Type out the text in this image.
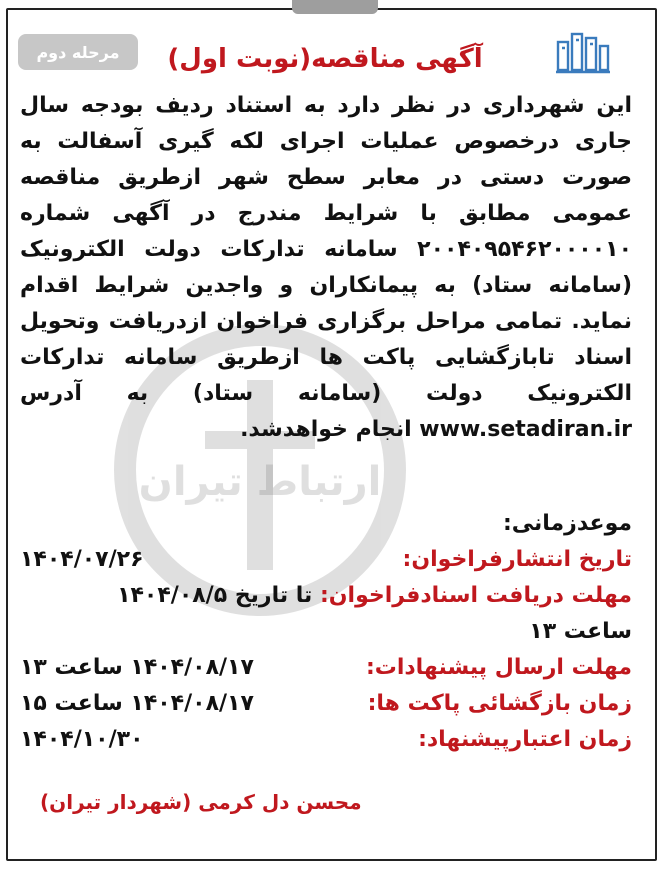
مرحله دوم	آگهی مناقصه(نوبت اول)
ارتباط تیران
این شهرداری در نظر دارد به استناد ردیف بودجه سال جاری درخصوص عملیات اجرای لکه گیری آسفالت به صورت دستی در معابر سطح شهر ازطریق مناقصه عمومی مطابق با شرایط مندرج در آگهی شماره ۲۰۰۴۰۹۵۴۶۲۰۰۰۰۱۰ سامانه تدارکات دولت الکترونیک (سامانه ستاد) به پیمانکاران و واجدین شرایط اقدام نماید. تمامی مراحل برگزاری فراخوان ازدریافت وتحویل اسناد تابازگشایی پاکت ها ازطریق سامانه تدارکات الکترونیک دولت (سامانه ستاد) به آدرس www.setadiran.ir انجام خواهدشد.
موعدزمانی:
تاریخ انتشارفراخوان:
۱۴۰۴/۰۷/۲۶
مهلت دریافت اسنادفراخوان: تا تاریخ ۱۴۰۴/۰۸/۵
ساعت ۱۳
مهلت ارسال پیشنهادات:
۱۴۰۴/۰۸/۱۷ ساعت ۱۳
زمان بازگشائی پاکت ها:
۱۴۰۴/۰۸/۱۷ ساعت ۱۵
زمان اعتبارپیشنهاد:
۱۴۰۴/۱۰/۳۰
محسن دل کرمی (شهردار تیران)
